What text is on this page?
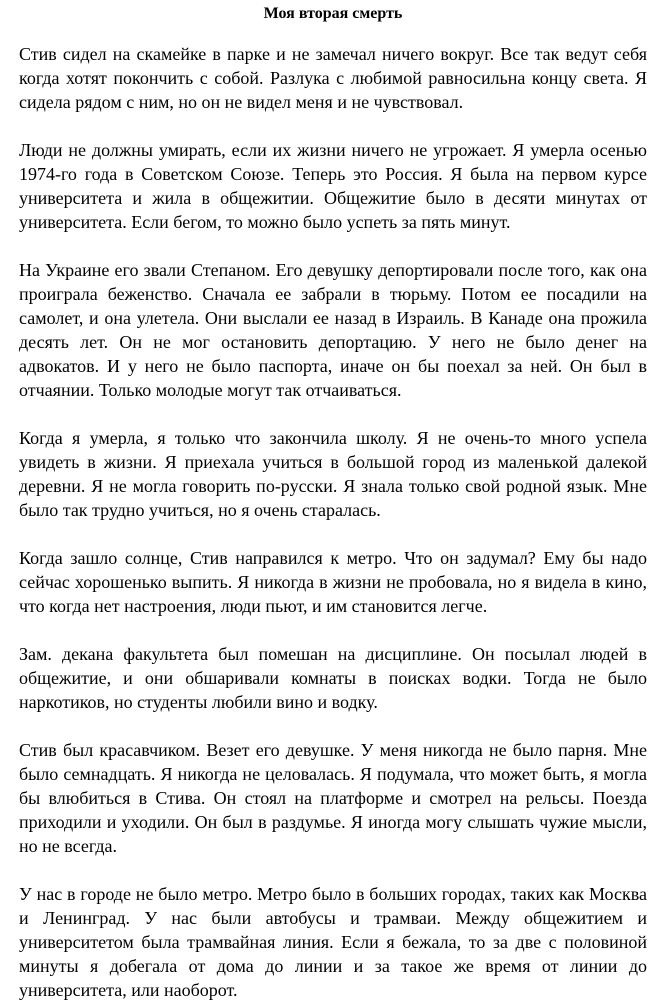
Моя вторая смерть

Стив сидел на скамейке в парке и не замечал ничего вокруг. Все так ведут себя когда хотят покончить с собой. Разлука с любимой равносильна концу света. Я сидела рядом с ним, но он не видел меня и не чувствовал.

Люди не должны умирать, если их жизни ничего не угрожает. Я умерла осенью 1974-го года в Советском Союзе. Теперь это Россия. Я была на первом курсе университета и жила в общежитии. Общежитие было в десяти минутах от университета. Если бегом, то можно было успеть за пять минут.

На Украине его звали Степаном. Его девушку депортировали после того, как она проиграла беженство. Сначала ее забрали в тюрьму. Потом ее посадили на самолет, и она улетела. Они выслали ее назад в Израиль. В Канаде она прожила десять лет. Он не мог остановить депортацию. У него не было денег на адвокатов. И у него не было паспорта, иначе он бы поехал за ней. Он был в отчаянии. Только молодые могут так отчаиваться.

Когда я умерла, я только что закончила школу. Я не очень-то много успела увидеть в жизни. Я приехала учиться в большой город из маленькой далекой деревни. Я не могла говорить по-русски. Я знала только свой родной язык. Мне было так трудно учиться, но я очень старалась.

Когда зашло солнце, Стив направился к метро. Что он задумал? Ему бы надо сейчас хорошенько выпить. Я никогда в жизни не пробовала, но я видела в кино, что когда нет настроения, люди пьют, и им становится легче.

Зам. декана факультета был помешан на дисциплине. Он посылал людей в общежитие, и они обшаривали комнаты в поисках водки. Тогда не было наркотиков, но студенты любили вино и водку.

Стив был красавчиком. Везет его девушке. У меня никогда не было парня. Мне было семнадцать. Я никогда не целовалась. Я подумала, что может быть, я могла бы влюбиться в Стива. Он стоял на платформе и смотрел на рельсы. Поезда приходили и уходили. Он был в раздумье. Я иногда могу слышать чужие мысли, но не всегда.

У нас в городе не было метро. Метро было в больших городах, таких как Москва и Ленинград. У нас были автобусы и трамваи. Между общежитием и университетом была трамвайная линия. Если я бежала, то за две с половиной минуты я добегала от дома до линии и за такое же время от линии до университета, или наоборот.
